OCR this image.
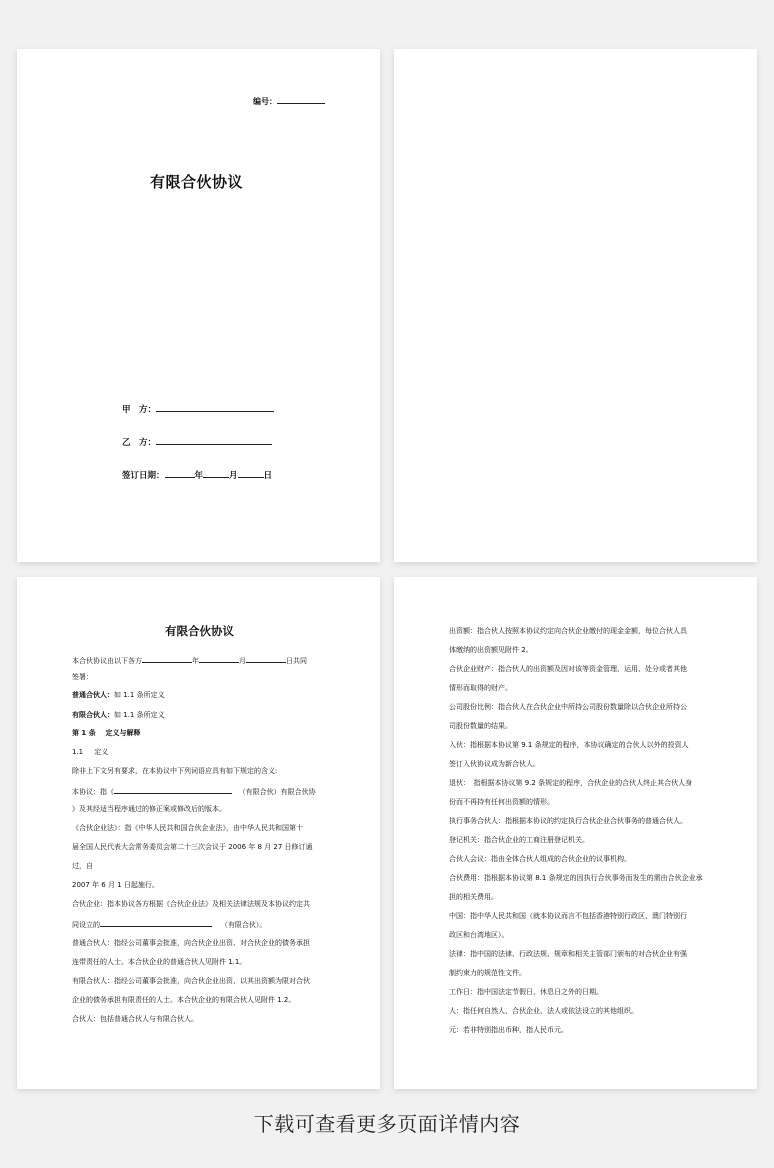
编号：
有限合伙协议
甲　方：
乙　方：
签订日期：	年	月	日
有限合伙协议
本合伙协议由以下各方	年	月	日共同
签署：
普通合伙人：如 1.1 条所定义
有限合伙人：如 1.1 条所定义
第 1 条 定义与解释
1.1 定义
除非上下文另有要求，在本协议中下列词语应具有如下规定的含义:
本协议：指《	（有限合伙）有限合伙协
》及其经适当程序通过的修正案或修改后的版本。
《合伙企业法》：指《中华人民共和国合伙企业法》，由中华人民共和国第十
届全国人民代表大会常务委员会第二十三次会议于 2006 年 8 月 27 日修订通
过，自
2007 年 6 月 1 日起施行。
合伙企业：指本协议各方根据《合伙企业法》及相关法律法规及本协议约定共
同设立的	（有限合伙）。
普通合伙人：指经公司董事会批准，向合伙企业出资、对合伙企业的债务承担
连带责任的人士。本合伙企业的普通合伙人见附件 1.1。
有限合伙人：指经公司董事会批准，向合伙企业出资、以其出资额为限对合伙
企业的债务承担有限责任的人士。本合伙企业的有限合伙人见附件 1.2。
合伙人：包括普通合伙人与有限合伙人。
出资额：指合伙人按照本协议约定向合伙企业缴付的现金金额，每位合伙人具
体缴纳的出资额见附件 2。
合伙企业财产：指合伙人的出资额及因对该等资金管理、运用、处分或者其他
情形而取得的财产。
公司股份比例：指合伙人在合伙企业中所持公司股份数量除以合伙企业所持公
司股份数量的结果。
入伙：指根据本协议第 9.1 条规定的程序，本协议确定的合伙人以外的投资人
签订入伙协议成为新合伙人。
退伙：　指根据本协议第 9.2 条规定的程序，合伙企业的合伙人终止其合伙人身
份而不再持有任何出资额的情形。
执行事务合伙人：指根据本协议的约定执行合伙企业合伙事务的普通合伙人。
登记机关：指合伙企业的工商注册登记机关。
合伙人会议：指由全体合伙人组成的合伙企业的议事机构。
合伙费用：指根据本协议第 8.1 条规定的因执行合伙事务而发生的需由合伙企业承
担的相关费用。
中国：指中华人民共和国（就本协议而言不包括香港特别行政区、澳门特别行
政区和台湾地区）。
法律：指中国的法律、行政法规、规章和相关主管部门颁布的对合伙企业有强
制约束力的规范性文件。
工作日：指中国法定节假日、休息日之外的日期。
人：指任何自然人、合伙企业、法人或依法设立的其他组织。
元：若非特别指出币种，指人民币元。
下载可查看更多页面详情内容
